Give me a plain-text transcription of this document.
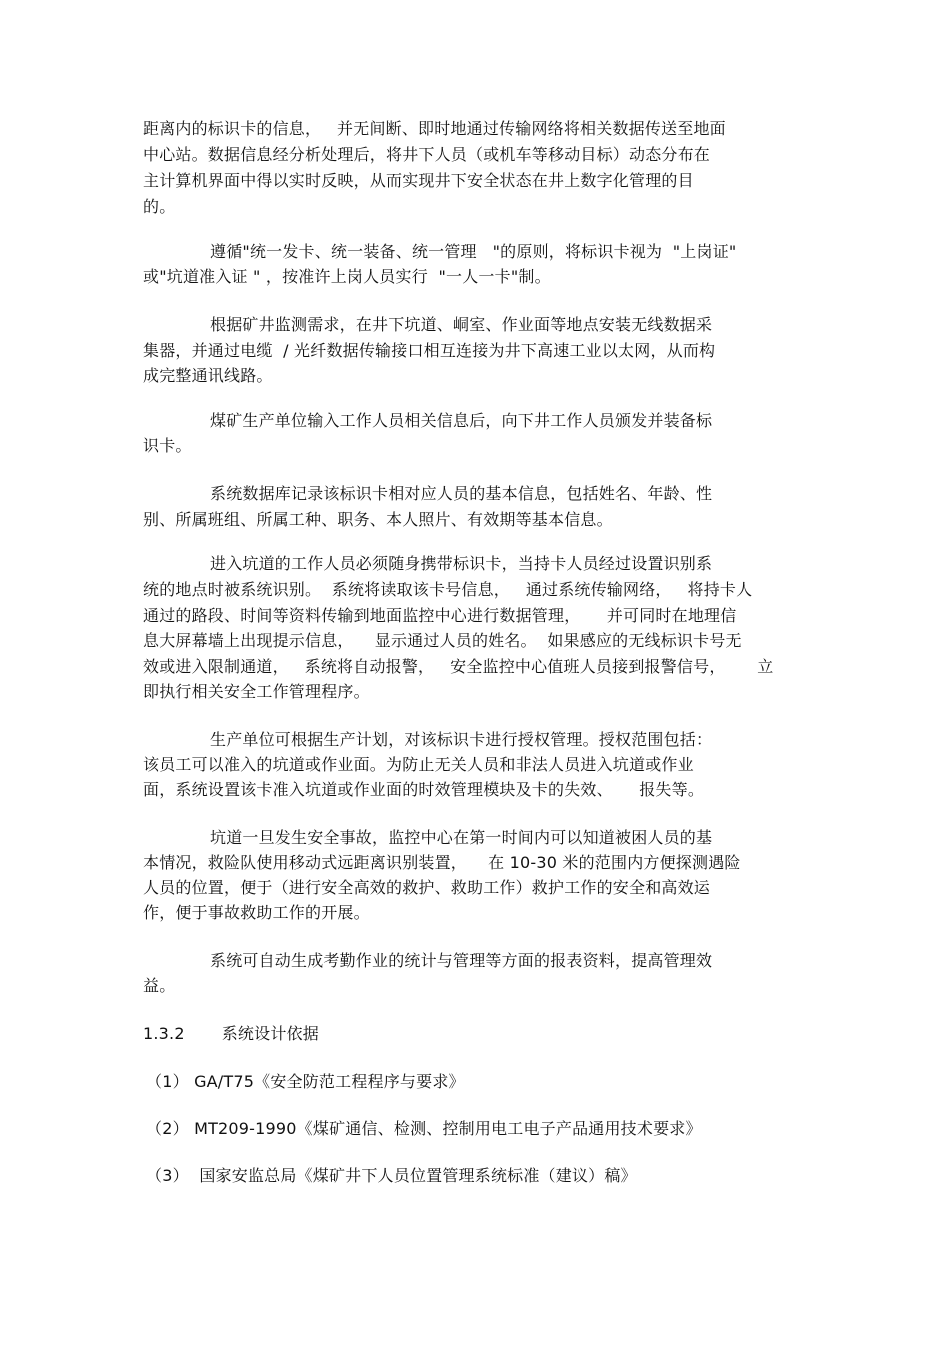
距离内的标识卡的信息，   并无间断、即时地通过传输网络将相关数据传送至地面
中心站。数据信息经分析处理后，将井下人员（或机车等移动目标）动态分布在
主计算机界面中得以实时反映，从而实现井下安全状态在井上数字化管理的目
的。
遵循"统一发卡、统一装备、统一管理   "的原则，将标识卡视为  "上岗证"
或"坑道准入证 " ，按准许上岗人员实行  "一人一卡"制。
根据矿井监测需求，在井下坑道、峒室、作业面等地点安装无线数据采
集器，并通过电缆  / 光纤数据传输接口相互连接为井下高速工业以太网，从而构
成完整通讯线路。
煤矿生产单位输入工作人员相关信息后，向下井工作人员颁发并装备标
识卡。
系统数据库记录该标识卡相对应人员的基本信息，包括姓名、年龄、性
别、所属班组、所属工种、职务、本人照片、有效期等基本信息。
进入坑道的工作人员必须随身携带标识卡，当持卡人员经过设置识别系
统的地点时被系统识别。  系统将读取该卡号信息，   通过系统传输网络，   将持卡人
通过的路段、时间等资料传输到地面监控中心进行数据管理，     并可同时在地理信
息大屏幕墙上出现提示信息，    显示通过人员的姓名。  如果感应的无线标识卡号无
效或进入限制通道，   系统将自动报警，   安全监控中心值班人员接到报警信号，      立
即执行相关安全工作管理程序。
生产单位可根据生产计划，对该标识卡进行授权管理。授权范围包括：
该员工可以准入的坑道或作业面。为防止无关人员和非法人员进入坑道或作业
面，系统设置该卡准入坑道或作业面的时效管理模块及卡的失效、     报失等。
坑道一旦发生安全事故，监控中心在第一时间内可以知道被困人员的基
本情况，救险队使用移动式远距离识别装置，    在 10-30 米的范围内方便探测遇险
人员的位置，便于（进行安全高效的救护、救助工作）救护工作的安全和高效运
作，便于事故救助工作的开展。
系统可自动生成考勤作业的统计与管理等方面的报表资料，提高管理效
益。
1.3.2       系统设计依据
（1） GA/T75《安全防范工程程序与要求》
（2） MT209-1990《煤矿通信、检测、控制用电工电子产品通用技术要求》
（3）  国家安监总局《煤矿井下人员位置管理系统标准（建议）稿》
